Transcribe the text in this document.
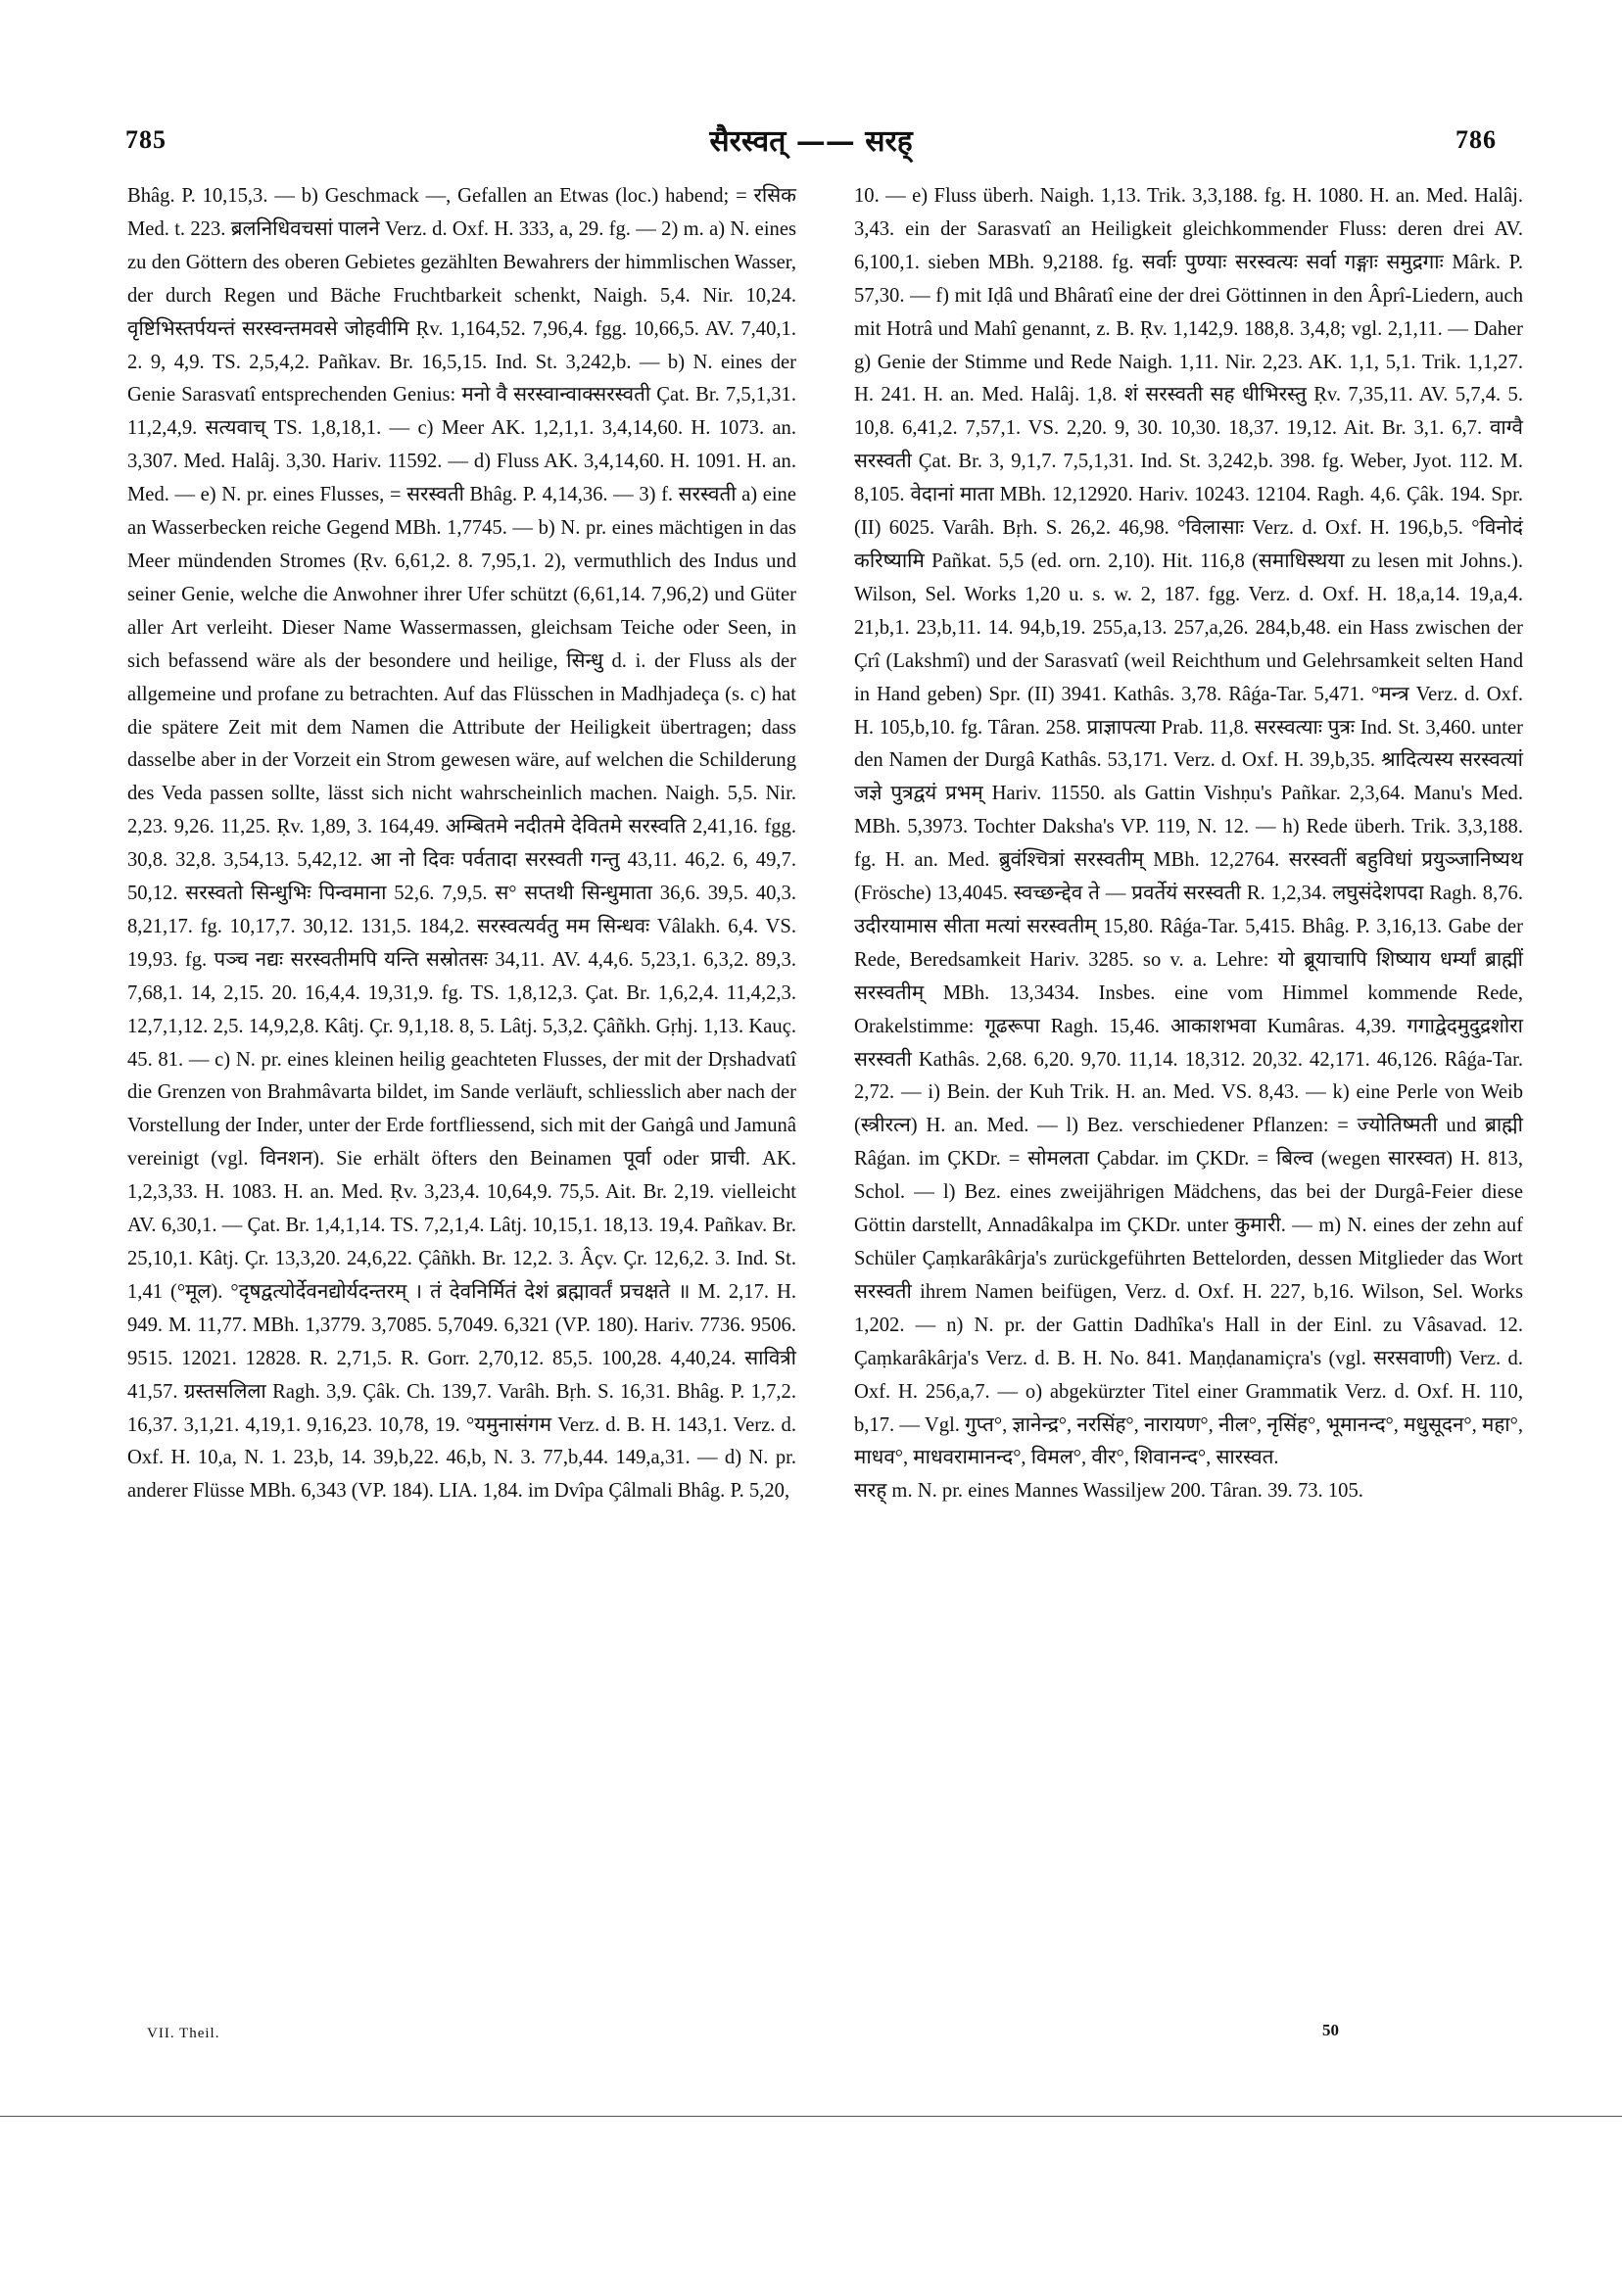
785	सैरस्वत् —— सरह्	786

Bhâg. P. 10,15,3. — b) Geschmack —, Gefallen an Etwas (loc.) habend; = रसिक Med. t. 223. ब्रलनिधिवचसां पालने Verz. d. Oxf. H. 333, a, 29. fg. — 2) m. a) N. eines zu den Göttern des oberen Gebietes gezählten Bewahrers der himmlischen Wasser, der durch Regen und Bäche Fruchtbarkeit schenkt, Naigh. 5,4. Nir. 10,24. वृष्टिभिस्तर्पयन्तं सरस्वन्तमवसे जोहवीमि Ṛv. 1,164,52. 7,96,4. fgg. 10,66,5. AV. 7,40,1. 2. 9, 4,9. TS. 2,5,4,2. Pañkav. Br. 16,5,15. Ind. St. 3,242,b. — b) N. eines der Genie Sarasvatî entsprechenden Genius: मनो वै सरस्वान्वाक्सरस्वती Çat. Br. 7,5,1,31. 11,2,4,9. सत्यवाच् TS. 1,8,18,1. — c) Meer AK. 1,2,1,1. 3,4,14,60. H. 1073. an. 3,307. Med. Halâj. 3,30. Hariv. 11592. — d) Fluss AK. 3,4,14,60. H. 1091. H. an. Med. — e) N. pr. eines Flusses, = सरस्वती Bhâg. P. 4,14,36. — 3) f. सरस्वती a) eine an Wasserbecken reiche Gegend MBh. 1,7745. — b) N. pr. eines mächtigen in das Meer mündenden Stromes (Ṛv. 6,61,2. 8. 7,95,1. 2), vermuthlich des Indus und seiner Genie, welche die Anwohner ihrer Ufer schützt (6,61,14. 7,96,2) und Güter aller Art verleiht. Dieser Name Wassermassen, gleichsam Teiche oder Seen, in sich befassend wäre als der besondere und heilige, सिन्धु d. i. der Fluss als der allgemeine und profane zu betrachten. Auf das Flüsschen in Madhjadeça (s. c) hat die spätere Zeit mit dem Namen die Attribute der Heiligkeit übertragen; dass dasselbe aber in der Vorzeit ein Strom gewesen wäre, auf welchen die Schilderung des Veda passen sollte, lässt sich nicht wahrscheinlich machen. Naigh. 5,5. Nir. 2,23. 9,26. 11,25. Ṛv. 1,89, 3. 164,49. अम्बितमे नदीतमे देवितमे सरस्वति 2,41,16. fgg. 30,8. 32,8. 3,54,13. 5,42,12. आ नो दिवः पर्वतादा सरस्वती गन्तु 43,11. 46,2. 6, 49,7. 50,12. सरस्वतो सिन्धुभिः पिन्वमाना 52,6. 7,9,5. स° सप्तथी सिन्धुमाता 36,6. 39,5. 40,3. 8,21,17. fg. 10,17,7. 30,12. 131,5. 184,2. सरस्वत्यर्वतु मम सिन्धवः Vâlakh. 6,4. VS. 19,93. fg. पञ्च नद्यः सरस्वतीमपि यन्ति सस्रोतसः 34,11. AV. 4,4,6. 5,23,1. 6,3,2. 89,3. 7,68,1. 14, 2,15. 20. 16,4,4. 19,31,9. fg. TS. 1,8,12,3. Çat. Br. 1,6,2,4. 11,4,2,3. 12,7,1,12. 2,5. 14,9,2,8. Kâtj. Çr. 9,1,18. 8, 5. Lâtj. 5,3,2. Çâñkh. Gṛhj. 1,13. Kauç. 45. 81. — c) N. pr. eines kleinen heilig geachteten Flusses, der mit der Dṛshadvatî die Grenzen von Brahmâvarta bildet, im Sande verläuft, schliesslich aber nach der Vorstellung der Inder, unter der Erde fortfliessend, sich mit der Gaṅgâ und Jamunâ vereinigt (vgl. विनशन). Sie erhält öfters den Beinamen पूर्वा oder प्राची. AK. 1,2,3,33. H. 1083. H. an. Med. Ṛv. 3,23,4. 10,64,9. 75,5. Ait. Br. 2,19. vielleicht AV. 6,30,1. — Çat. Br. 1,4,1,14. TS. 7,2,1,4. Lâtj. 10,15,1. 18,13. 19,4. Pañkav. Br. 25,10,1. Kâtj. Çr. 13,3,20. 24,6,22. Çâñkh. Br. 12,2. 3. Âçv. Çr. 12,6,2. 3. Ind. St. 1,41 (°मूल). °दृषद्वत्योर्देवनद्योर्यदन्तरम् । तं देवनिर्मितं देशं ब्रह्मावर्तं प्रचक्षते ॥ M. 2,17. H. 949. M. 11,77. MBh. 1,3779. 3,7085. 5,7049. 6,321 (VP. 180). Hariv. 7736. 9506. 9515. 12021. 12828. R. 2,71,5. R. Gorr. 2,70,12. 85,5. 100,28. 4,40,24. सावित्री 41,57. ग्रस्तसलिला Ragh. 3,9. Çâk. Ch. 139,7. Varâh. Bṛh. S. 16,31. Bhâg. P. 1,7,2. 16,37. 3,1,21. 4,19,1. 9,16,23. 10,78, 19. °यमुनासंगम Verz. d. B. H. 143,1. Verz. d. Oxf. H. 10,a, N. 1. 23,b, 14. 39,b,22. 46,b, N. 3. 77,b,44. 149,a,31. — d) N. pr. anderer Flüsse MBh. 6,343 (VP. 184). LIA. 1,84. im Dvîpa Çâlmali Bhâg. P. 5,20,

10. — e) Fluss überh. Naigh. 1,13. Trik. 3,3,188. fg. H. 1080. H. an. Med. Halâj. 3,43. ein der Sarasvatî an Heiligkeit gleichkommender Fluss: deren drei AV. 6,100,1. sieben MBh. 9,2188. fg. सर्वाः पुण्याः सरस्वत्यः सर्वा गङ्गाः समुद्रगाः Mârk. P. 57,30. — f) mit Iḍâ und Bhâratî eine der drei Göttinnen in den Âprî-Liedern, auch mit Hotrâ und Mahî genannt, z. B. Ṛv. 1,142,9. 188,8. 3,4,8; vgl. 2,1,11. — Daher g) Genie der Stimme und Rede Naigh. 1,11. Nir. 2,23. AK. 1,1, 5,1. Trik. 1,1,27. H. 241. H. an. Med. Halâj. 1,8. शं सरस्वती सह धीभिरस्तु Ṛv. 7,35,11. AV. 5,7,4. 5. 10,8. 6,41,2. 7,57,1. VS. 2,20. 9, 30. 10,30. 18,37. 19,12. Ait. Br. 3,1. 6,7. वाग्वै सरस्वती Çat. Br. 3, 9,1,7. 7,5,1,31. Ind. St. 3,242,b. 398. fg. Weber, Jyot. 112. M. 8,105. वेदानां माता MBh. 12,12920. Hariv. 10243. 12104. Ragh. 4,6. Çâk. 194. Spr. (II) 6025. Varâh. Bṛh. S. 26,2. 46,98. °विलासाः Verz. d. Oxf. H. 196,b,5. °विनोदं करिष्यामि Pañkat. 5,5 (ed. orn. 2,10). Hit. 116,8 (समाधिस्थया zu lesen mit Johns.). Wilson, Sel. Works 1,20 u. s. w. 2, 187. fgg. Verz. d. Oxf. H. 18,a,14. 19,a,4. 21,b,1. 23,b,11. 14. 94,b,19. 255,a,13. 257,a,26. 284,b,48. ein Hass zwischen der Çrî (Lakshmî) und der Sarasvatî (weil Reichthum und Gelehrsamkeit selten Hand in Hand geben) Spr. (II) 3941. Kathâs. 3,78. Râǵa-Tar. 5,471. °मन्त्र Verz. d. Oxf. H. 105,b,10. fg. Târan. 258. प्राज्ञापत्या Prab. 11,8. सरस्वत्याः पुत्रः Ind. St. 3,460. unter den Namen der Durgâ Kathâs. 53,171. Verz. d. Oxf. H. 39,b,35. श्रादित्यस्य सरस्वत्यां जज्ञे पुत्रद्वयं प्रभम् Hariv. 11550. als Gattin Vishṇu's Pañkar. 2,3,64. Manu's Med. MBh. 5,3973. Tochter Daksha's VP. 119, N. 12. — h) Rede überh. Trik. 3,3,188. fg. H. an. Med. ब्रुवंश्चित्रां सरस्वतीम् MBh. 12,2764. सरस्वतीं बहुविधां प्रयुञ्जानिष्यथ (Frösche) 13,4045. स्वच्छन्द्देव ते — प्रवर्तेयं सरस्वती R. 1,2,34. लघुसंदेशपदा Ragh. 8,76. उदीरयामास सीता मत्यां सरस्वतीम् 15,80. Râǵa-Tar. 5,415. Bhâg. P. 3,16,13. Gabe der Rede, Beredsamkeit Hariv. 3285. so v. a. Lehre: यो ब्रूयाचापि शिष्याय धर्म्यां ब्राह्मीं सरस्वतीम् MBh. 13,3434. Insbes. eine vom Himmel kommende Rede, Orakelstimme: गूढरूपा Ragh. 15,46. आकाशभवा Kumâras. 4,39. गगाद्वेदमुदुद्रशोरा सरस्वती Kathâs. 2,68. 6,20. 9,70. 11,14. 18,312. 20,32. 42,171. 46,126. Râǵa-Tar. 2,72. — i) Bein. der Kuh Trik. H. an. Med. VS. 8,43. — k) eine Perle von Weib (स्त्रीरत्न) H. an. Med. — l) Bez. verschiedener Pflanzen: = ज्योतिष्मती und ब्राह्मी Râǵan. im ÇKDr. = सोमलता Çabdar. im ÇKDr. = बिल्व (wegen सारस्वत) H. 813, Schol. — l) Bez. eines zweijährigen Mädchens, das bei der Durgâ-Feier diese Göttin darstellt, Annadâkalpa im ÇKDr. unter कुमारी. — m) N. eines der zehn auf Schüler Çaṃkarâkârja's zurückgeführten Bettelorden, dessen Mitglieder das Wort सरस्वती ihrem Namen beifügen, Verz. d. Oxf. H. 227, b,16. Wilson, Sel. Works 1,202. — n) N. pr. der Gattin Dadhîka's Hall in der Einl. zu Vâsavad. 12. Çaṃkarâkârja's Verz. d. B. H. No. 841. Maṇḍanamiçra's (vgl. सरसवाणी) Verz. d. Oxf. H. 256,a,7. — o) abgekürzter Titel einer Grammatik Verz. d. Oxf. H. 110, b,17. — Vgl. गुप्त°, ज्ञानेन्द्र°, नरसिंह°, नारायण°, नील°, नृसिंह°, भूमानन्द°, मधुसूदन°, महा°, माधव°, माधवरामानन्द°, विमल°, वीर°, शिवानन्द°, सारस्वत.

सरह् m. N. pr. eines Mannes Wassiljew 200. Târan. 39. 73. 105.

VII. Theil.	50
